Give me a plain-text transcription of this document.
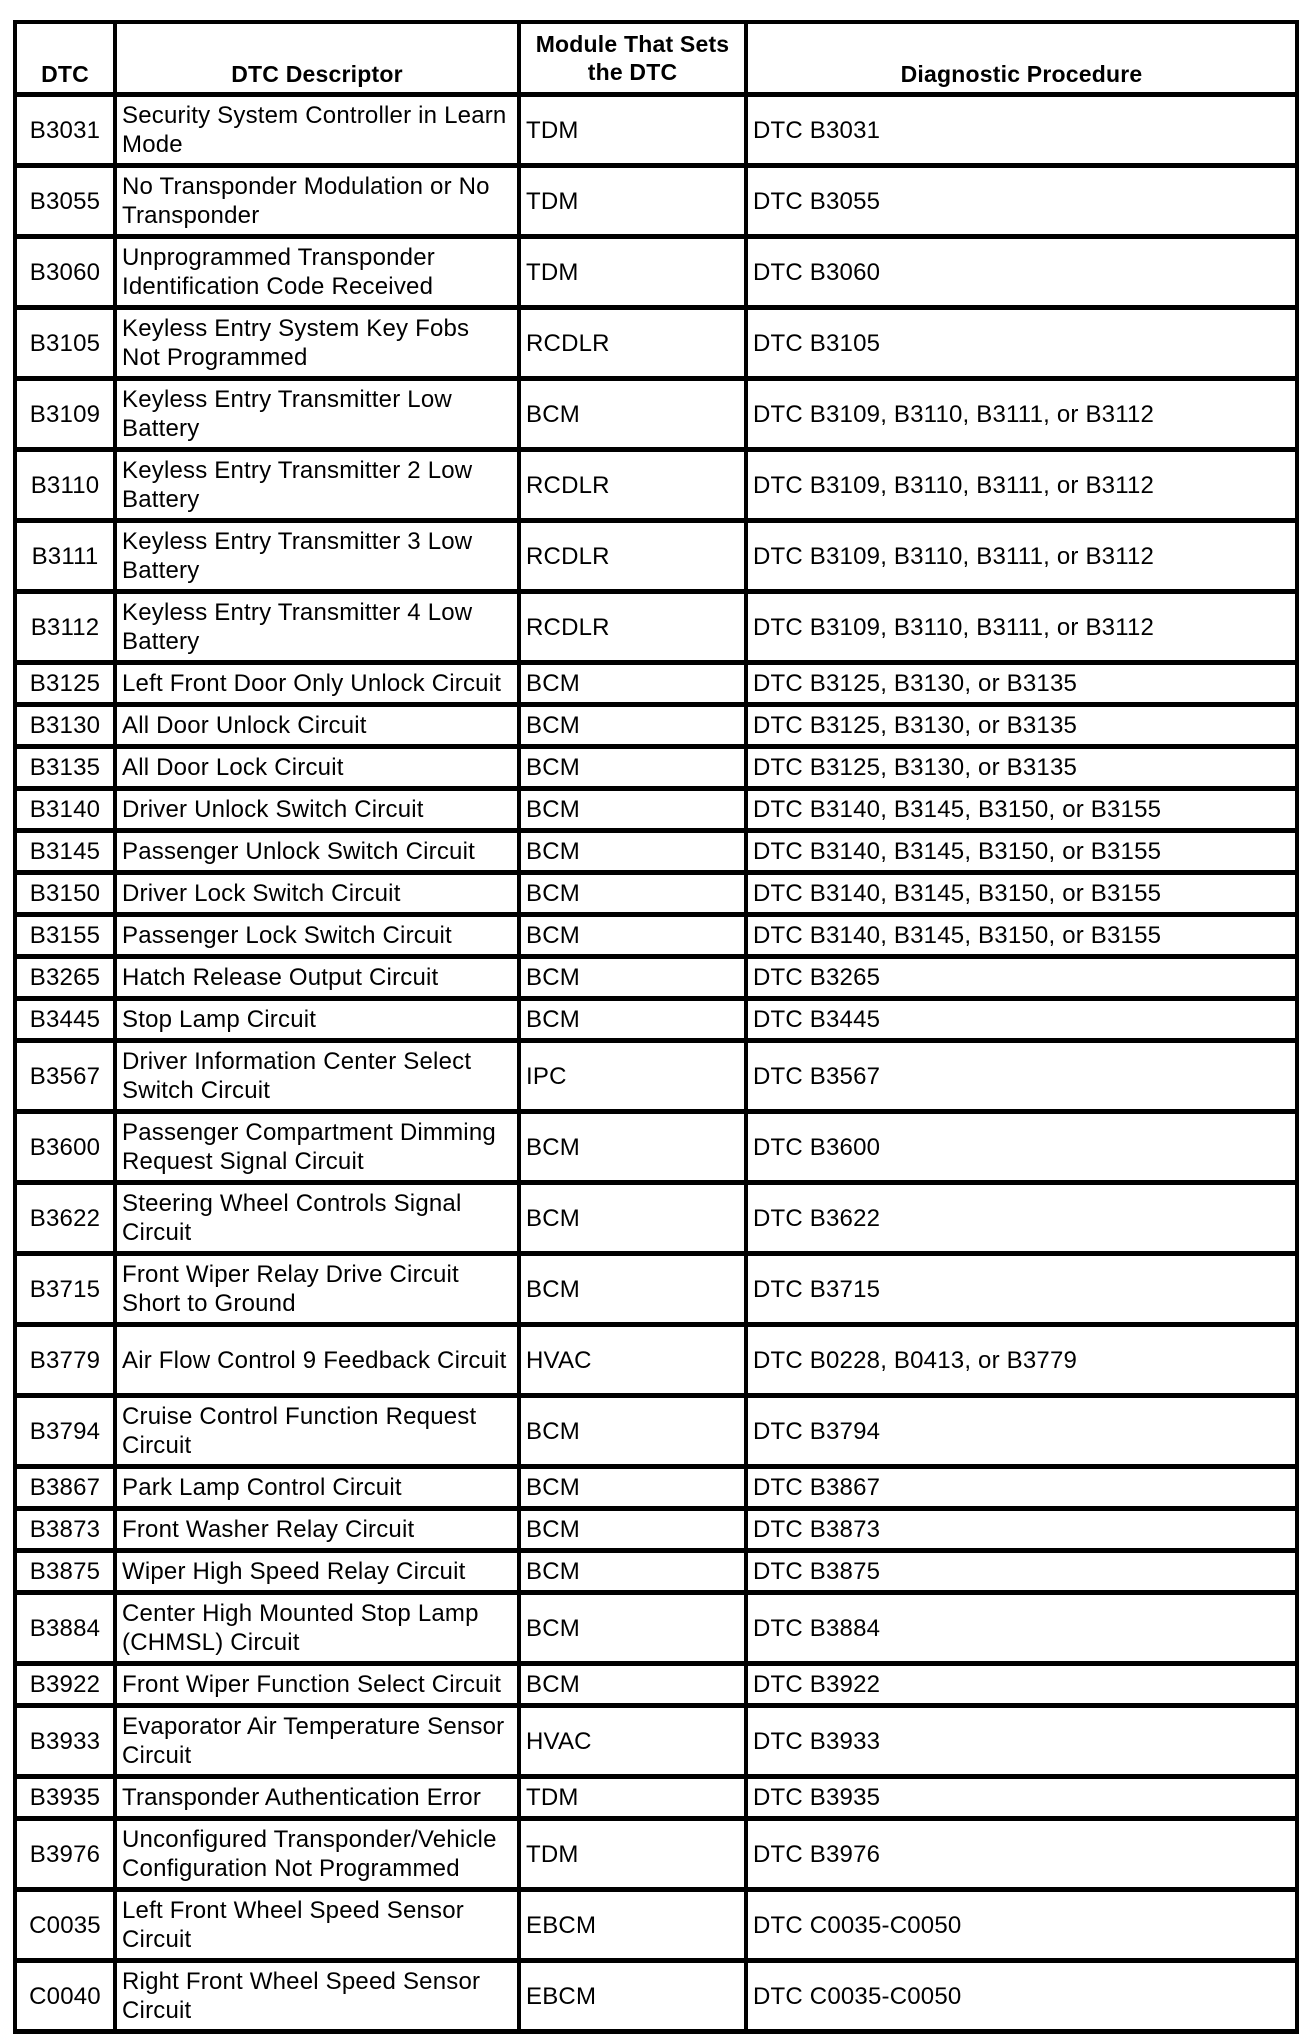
DTC	DTC Descriptor	Module That Sets the DTC	Diagnostic Procedure
B3031	Security System Controller in Learn Mode	TDM	DTC B3031
B3055	No Transponder Modulation or No Transponder	TDM	DTC B3055
B3060	Unprogrammed Transponder Identification Code Received	TDM	DTC B3060
B3105	Keyless Entry System Key Fobs Not Programmed	RCDLR	DTC B3105
B3109	Keyless Entry Transmitter Low Battery	BCM	DTC B3109, B3110, B3111, or B3112
B3110	Keyless Entry Transmitter 2 Low Battery	RCDLR	DTC B3109, B3110, B3111, or B3112
B3111	Keyless Entry Transmitter 3 Low Battery	RCDLR	DTC B3109, B3110, B3111, or B3112
B3112	Keyless Entry Transmitter 4 Low Battery	RCDLR	DTC B3109, B3110, B3111, or B3112
B3125	Left Front Door Only Unlock Circuit	BCM	DTC B3125, B3130, or B3135
B3130	All Door Unlock Circuit	BCM	DTC B3125, B3130, or B3135
B3135	All Door Lock Circuit	BCM	DTC B3125, B3130, or B3135
B3140	Driver Unlock Switch Circuit	BCM	DTC B3140, B3145, B3150, or B3155
B3145	Passenger Unlock Switch Circuit	BCM	DTC B3140, B3145, B3150, or B3155
B3150	Driver Lock Switch Circuit	BCM	DTC B3140, B3145, B3150, or B3155
B3155	Passenger Lock Switch Circuit	BCM	DTC B3140, B3145, B3150, or B3155
B3265	Hatch Release Output Circuit	BCM	DTC B3265
B3445	Stop Lamp Circuit	BCM	DTC B3445
B3567	Driver Information Center Select Switch Circuit	IPC	DTC B3567
B3600	Passenger Compartment Dimming Request Signal Circuit	BCM	DTC B3600
B3622	Steering Wheel Controls Signal Circuit	BCM	DTC B3622
B3715	Front Wiper Relay Drive Circuit Short to Ground	BCM	DTC B3715
B3779	Air Flow Control 9 Feedback Circuit	HVAC	DTC B0228, B0413, or B3779
B3794	Cruise Control Function Request Circuit	BCM	DTC B3794
B3867	Park Lamp Control Circuit	BCM	DTC B3867
B3873	Front Washer Relay Circuit	BCM	DTC B3873
B3875	Wiper High Speed Relay Circuit	BCM	DTC B3875
B3884	Center High Mounted Stop Lamp (CHMSL) Circuit	BCM	DTC B3884
B3922	Front Wiper Function Select Circuit	BCM	DTC B3922
B3933	Evaporator Air Temperature Sensor Circuit	HVAC	DTC B3933
B3935	Transponder Authentication Error	TDM	DTC B3935
B3976	Unconfigured Transponder/Vehicle Configuration Not Programmed	TDM	DTC B3976
C0035	Left Front Wheel Speed Sensor Circuit	EBCM	DTC C0035-C0050
C0040	Right Front Wheel Speed Sensor Circuit	EBCM	DTC C0035-C0050
